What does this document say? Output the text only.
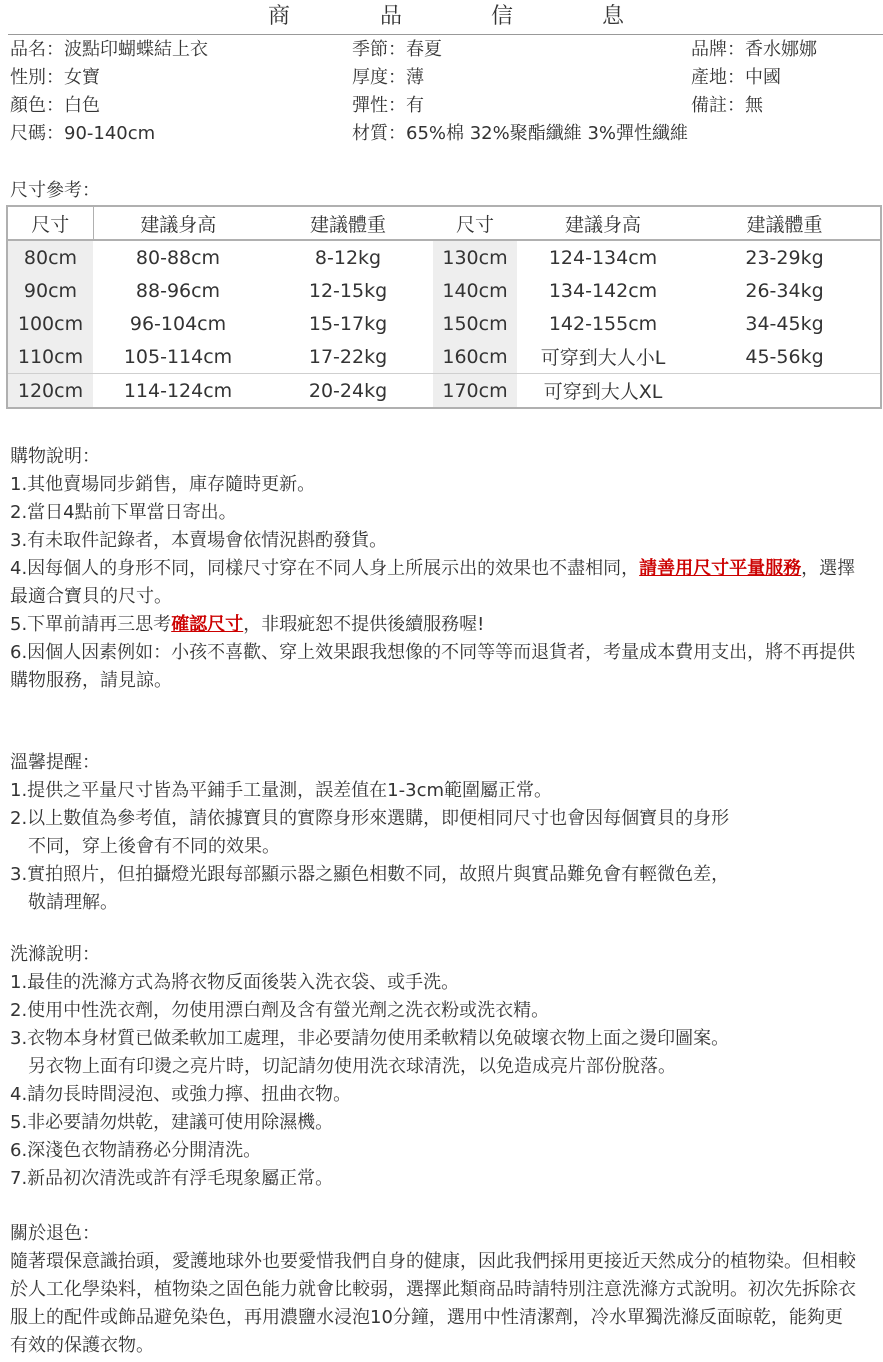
商	品	信	息
品名：波點印蝴蝶結上衣	季節：春夏	品牌：香水娜娜
性別：女寶	厚度：薄	產地：中國
顏色：白色	彈性：有	備註：無
尺碼：90-140cm	材質：65%棉 32%聚酯纖維 3%彈性纖維
尺寸參考：
尺寸	建議身高	建議體重	尺寸	建議身高	建議體重
80cm	80-88cm	8-12kg	130cm	124-134cm	23-29kg
90cm	88-96cm	12-15kg	140cm	134-142cm	26-34kg
100cm	96-104cm	15-17kg	150cm	142-155cm	34-45kg
110cm	105-114cm	17-22kg	160cm	可穿到大人小L	45-56kg
120cm	114-124cm	20-24kg	170cm	可穿到大人XL	

購物說明：

1.其他賣場同步銷售，庫存隨時更新。

2.當日4點前下單當日寄出。

3.有未取件記錄者，本賣場會依情況斟酌發貨。

4.因每個人的身形不同，同樣尺寸穿在不同人身上所展示出的效果也不盡相同，請善用尺寸平量服務，選擇最適合寶貝的尺寸。

5.下單前請再三思考確認尺寸，非瑕疵恕不提供後續服務喔!

6.因個人因素例如：小孩不喜歡、穿上效果跟我想像的不同等等而退貨者，考量成本費用支出，將不再提供購物服務，請見諒。

溫馨提醒：

1.提供之平量尺寸皆為平鋪手工量測，誤差值在1-3cm範圍屬正常。

2.以上數值為參考值，請依據寶貝的實際身形來選購，即便相同尺寸也會因每個寶貝的身形

不同，穿上後會有不同的效果。

3.實拍照片，但拍攝燈光跟每部顯示器之顯色相數不同，故照片與實品難免會有輕微色差，

敬請理解。

洗滌說明：

1.最佳的洗滌方式為將衣物反面後裝入洗衣袋、或手洗。

2.使用中性洗衣劑，勿使用漂白劑及含有螢光劑之洗衣粉或洗衣精。

3.衣物本身材質已做柔軟加工處理，非必要請勿使用柔軟精以免破壞衣物上面之燙印圖案。

另衣物上面有印燙之亮片時，切記請勿使用洗衣球清洗，以免造成亮片部份脫落。

4.請勿長時間浸泡、或強力擰、扭曲衣物。

5.非必要請勿烘乾，建議可使用除濕機。

6.深淺色衣物請務必分開清洗。

7.新品初次清洗或許有浮毛現象屬正常。

關於退色：

隨著環保意識抬頭，愛護地球外也要愛惜我們自身的健康，因此我們採用更接近天然成分的植物染。但相較於人工化學染料，植物染之固色能力就會比較弱，選擇此類商品時請特別注意洗滌方式說明。初次先拆除衣服上的配件或飾品避免染色，再用濃鹽水浸泡10分鐘，選用中性清潔劑，冷水單獨洗滌反面晾乾，能夠更有效的保護衣物。
